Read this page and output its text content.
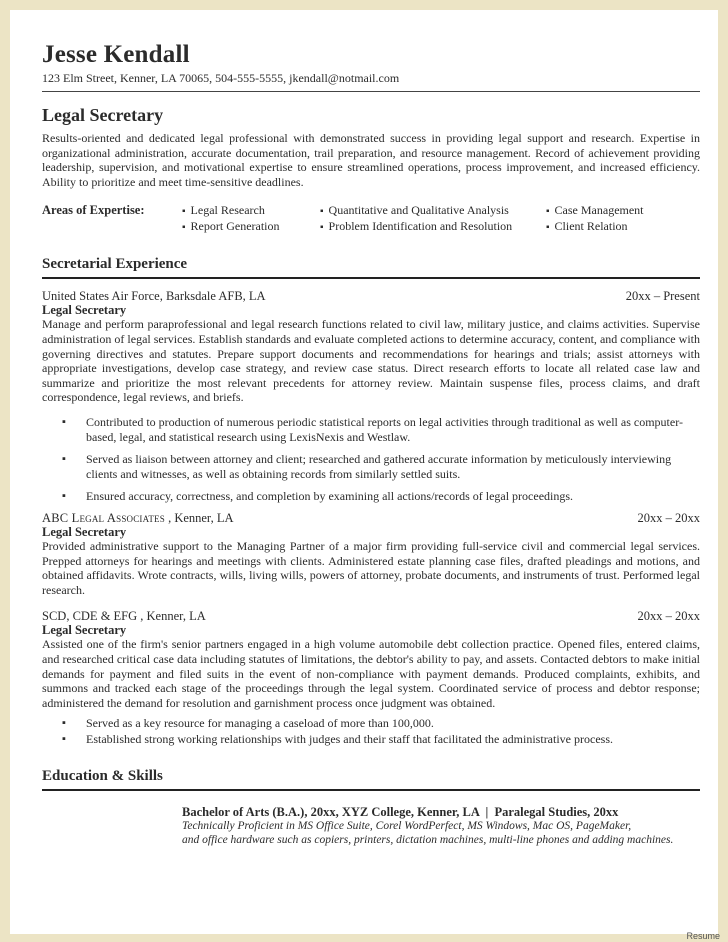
Jesse Kendall
123 Elm Street, Kenner, LA 70065, 504-555-5555, jkendall@notmail.com
Legal Secretary

Results-oriented and dedicated legal professional with demonstrated success in providing legal support and research. Expertise in organizational administration, accurate documentation, trail preparation, and resource management. Record of achievement providing leadership, supervision, and motivational expertise to ensure streamlined operations, process improvement, and increased efficiency. Ability to prioritize and meet time-sensitive deadlines.

Areas of Expertise:
▪	Legal Research
▪ Report Generation
▪ Quantitative and Qualitative Analysis
▪ Problem Identification and Resolution
▪ Case Management
▪ Client Relation
Secretarial Experience
United States Air Force, Barksdale AFB, LA	20xx – Present
Legal Secretary

Manage and perform paraprofessional and legal research functions related to civil law, military justice, and claims activities. Supervise administration of legal services. Establish standards and evaluate completed actions to determine accuracy, content, and compliance with governing directives and statutes. Prepare support documents and recommendations for hearings and trials; assist attorneys with appropriate investigations, develop case strategy, and review case status. Direct research efforts to locate all related case law and summarize and prioritize the most relevant precedents for attorney review. Maintain suspense files, process claims, and draft correspondence, legal reviews, and briefs.

▪ Contributed to production of numerous periodic statistical reports on legal activities through traditional as well as computer-based, legal, and statistical research using LexisNexis and Westlaw.
▪ Served as liaison between attorney and client; researched and gathered accurate information by meticulously interviewing clients and witnesses, as well as obtaining records from similarly settled suits.
▪ Ensured accuracy, correctness, and completion by examining all actions/records of legal proceedings.
ABC Legal Associates , Kenner, LA	20xx – 20xx
Legal Secretary

Provided administrative support to the Managing Partner of a major firm providing full-service civil and commercial legal services. Prepped attorneys for hearings and meetings with clients. Administered estate planning case files, drafted pleadings and motions, and obtained affidavits. Wrote contracts, wills, living wills, powers of attorney, probate documents, and instruments of trust. Performed legal research.

SCD, CDE & EFG , Kenner, LA	20xx – 20xx
Legal Secretary

Assisted one of the firm's senior partners engaged in a high volume automobile debt collection practice. Opened files, entered claims, and researched critical case data including statutes of limitations, the debtor's ability to pay, and assets. Contacted debtors to make initial demands for payment and filed suits in the event of non-compliance with payment demands. Produced complaints, exhibits, and summons and tracked each stage of the proceedings through the legal system. Coordinated service of process and debtor response; administered the demand for resolution and garnishment process once judgment was obtained.

▪ Served as a key resource for managing a caseload of more than 100,000.
▪ Established strong working relationships with judges and their staff that facilitated the administrative process.
Education & Skills
Bachelor of Arts (B.A.), 20xx, XYZ College, Kenner, LA  |  Paralegal Studies, 20xx
Technically Proficient in MS Office Suite, Corel WordPerfect, MS Windows, Mac OS, PageMaker,
and office hardware such as copiers, printers, dictation machines, multi-line phones and adding machines.
Resume
